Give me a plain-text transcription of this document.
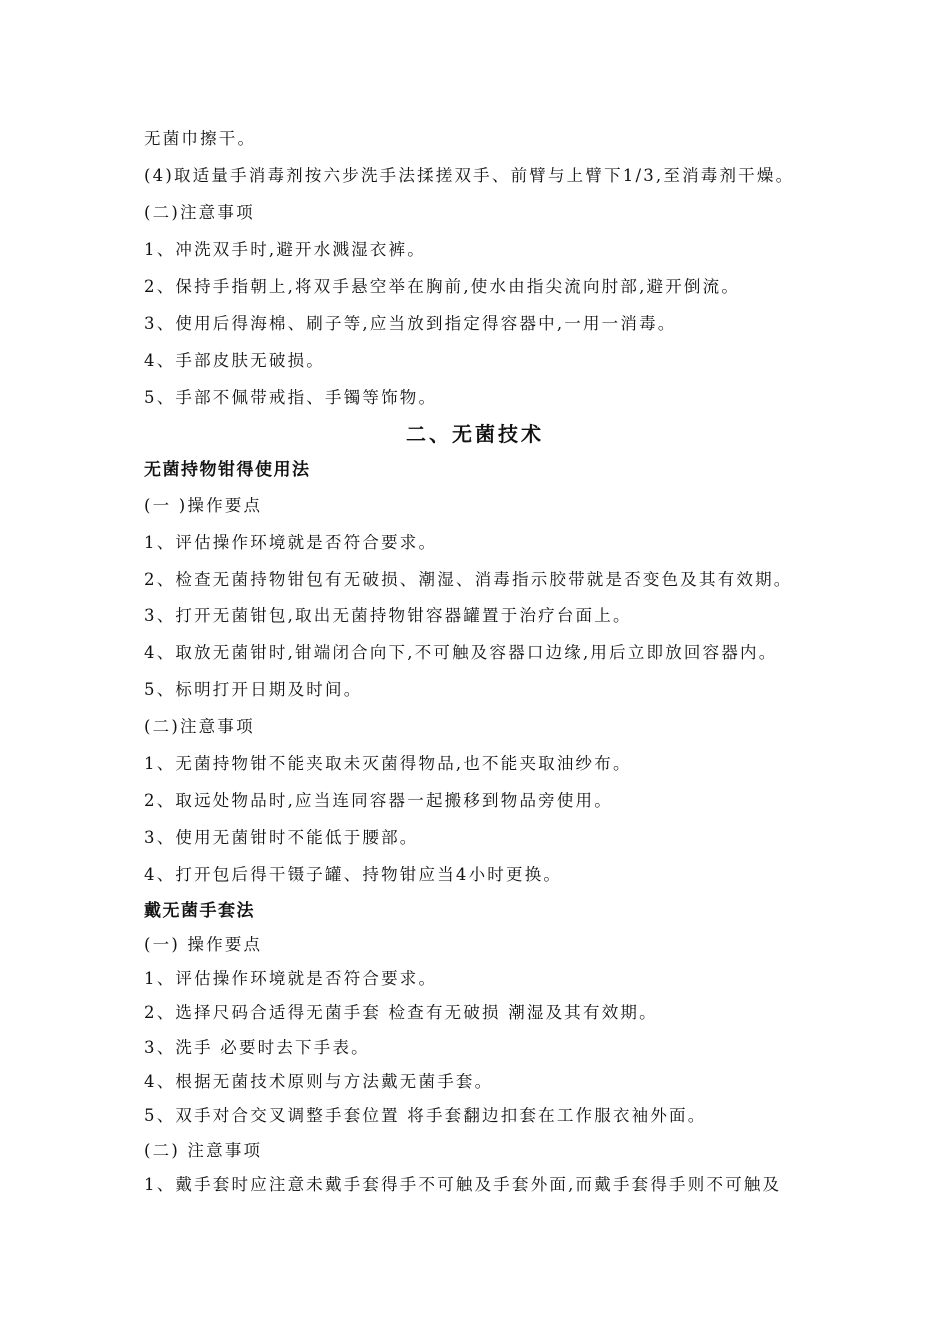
无菌巾擦干。
(4)取适量手消毒剂按六步洗手法揉搓双手、前臂与上臂下1/3,至消毒剂干燥。
(二)注意事项
1、冲洗双手时,避开水溅湿衣裤。
2、保持手指朝上,将双手悬空举在胸前,使水由指尖流向肘部,避开倒流。
3、使用后得海棉、刷子等,应当放到指定得容器中,一用一消毒。
4、手部皮肤无破损。
5、手部不佩带戒指、手镯等饰物。
二、无菌技术
无菌持物钳得使用法
(一 )操作要点
1、评估操作环境就是否符合要求。
2、检查无菌持物钳包有无破损、潮湿、消毒指示胶带就是否变色及其有效期。
3、打开无菌钳包,取出无菌持物钳容器罐置于治疗台面上。
4、取放无菌钳时,钳端闭合向下,不可触及容器口边缘,用后立即放回容器内。
5、标明打开日期及时间。
(二)注意事项
1、无菌持物钳不能夹取未灭菌得物品,也不能夹取油纱布。
2、取远处物品时,应当连同容器一起搬移到物品旁使用。
3、使用无菌钳时不能低于腰部。
4、打开包后得干镊子罐、持物钳应当4小时更换。
戴无菌手套法
(一) 操作要点
1、评估操作环境就是否符合要求。
2、选择尺码合适得无菌手套 检查有无破损 潮湿及其有效期。
3、洗手 必要时去下手表。
4、根据无菌技术原则与方法戴无菌手套。
5、双手对合交叉调整手套位置 将手套翻边扣套在工作服衣袖外面。
(二) 注意事项
1、戴手套时应注意未戴手套得手不可触及手套外面,而戴手套得手则不可触及
